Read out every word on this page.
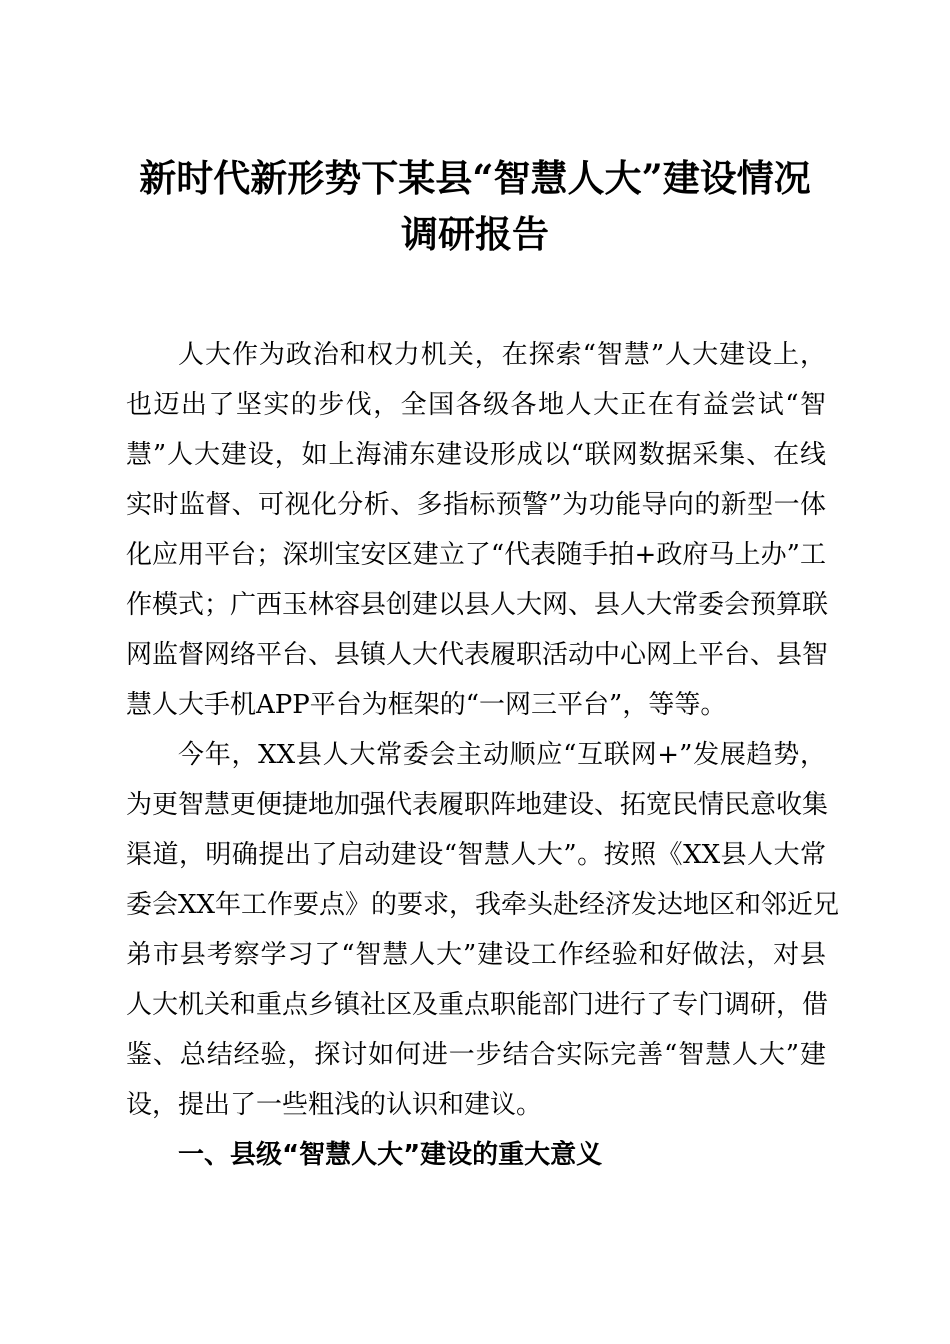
新时代新形势下某县“智慧人大”建设情况
调研报告
人大作为政治和权力机关，在探索“智慧”人大建设上，
也迈出了坚实的步伐，全国各级各地人大正在有益尝试“智
慧”人大建设，如上海浦东建设形成以“联网数据采集、在线
实时监督、可视化分析、多指标预警”为功能导向的新型一体
化应用平台；深圳宝安区建立了“代表随手拍+政府马上办”工
作模式；广西玉林容县创建以县人大网、县人大常委会预算联
网监督网络平台、县镇人大代表履职活动中心网上平台、县智
慧人大手机APP平台为框架的“一网三平台”，等等。
今年，XX县人大常委会主动顺应“互联网+”发展趋势，
为更智慧更便捷地加强代表履职阵地建设、拓宽民情民意收集
渠道，明确提出了启动建设“智慧人大”。按照《XX县人大常
委会XX年工作要点》的要求，我牵头赴经济发达地区和邻近兄
弟市县考察学习了“智慧人大”建设工作经验和好做法，对县
人大机关和重点乡镇社区及重点职能部门进行了专门调研，借
鉴、总结经验，探讨如何进一步结合实际完善“智慧人大”建
设，提出了一些粗浅的认识和建议。
一、县级“智慧人大”建设的重大意义
